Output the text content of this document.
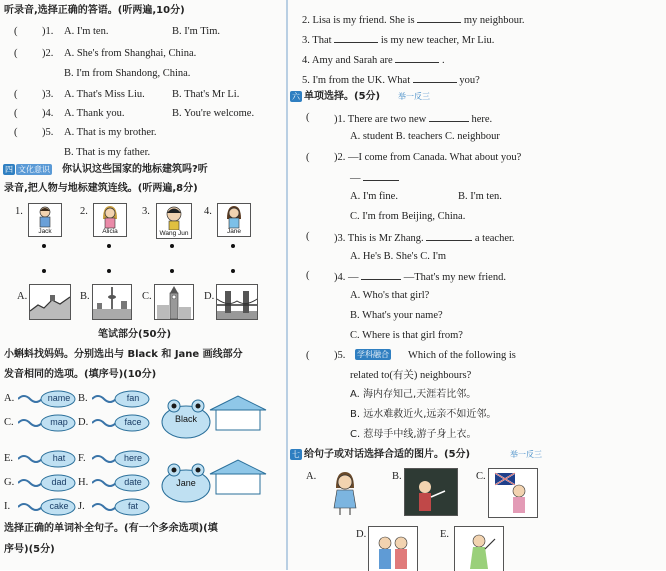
听录音,选择正确的答语。(听两遍,10分)
( )1. A. I'm ten.	B. I'm Tim.
( )2. A. She's from Shanghai, China.
B. I'm from Shandong, China.
( )3. A. That's Miss Liu.	B. That's Mr Li.
( )4. A. Thank you.	B. You're welcome.
( )5. A. That is my brother.
B. That is my father.
四 文化意识 你认识这些国家的地标建筑吗?听
录音,把人物与地标建筑连线。(听两遍,8分)
1.
Jack
2.
Alicia
3.
Wang Jun
4.
Jane
A.	B.	C.	D.
笔试部分(50分)
小蝌蚪找妈妈。分别选出与 Black 和 Jane 画线部分
发音相同的选项。(填序号)(10分)
A.	name B.	fan
C.	map D.	face
E.	hat	F.	here
G.	dad	H.	date
I.	cake J.	fat
Black
Jane
选择正确的单词补全句子。(有一个多余选项)(填
序号)(5分)
2. Lisa is my friend. She is	my neighbour.
3. That	is my new teacher, Mr Liu.
4. Amy and Sarah are	.
5. I'm from the UK. What	you?
六 单项选择。(5分) 举一反三
( )1. There are two new	here.
A. student B. teachers C. neighbour
( )2. —I come from Canada. What about you?
—
A. I'm fine.	B. I'm ten.
C. I'm from Beijing, China.
( )3. This is Mr Zhang.	a teacher.
A. He's B. She's C. I'm
( )4. —	—That's my new friend.
A. Who's that girl?
B. What's your name?
C. Where is that girl from?
( )5. 学科融合 Which of the following is
related to(有关) neighbours?
A. 海内存知己,天涯若比邻。
B. 远水难救近火,远亲不如近邻。
C. 惹母手中线,游子身上衣。
七 给句子或对话选择合适的图片。(5分)	举一反三
A.	B.	C.
D.	E.
